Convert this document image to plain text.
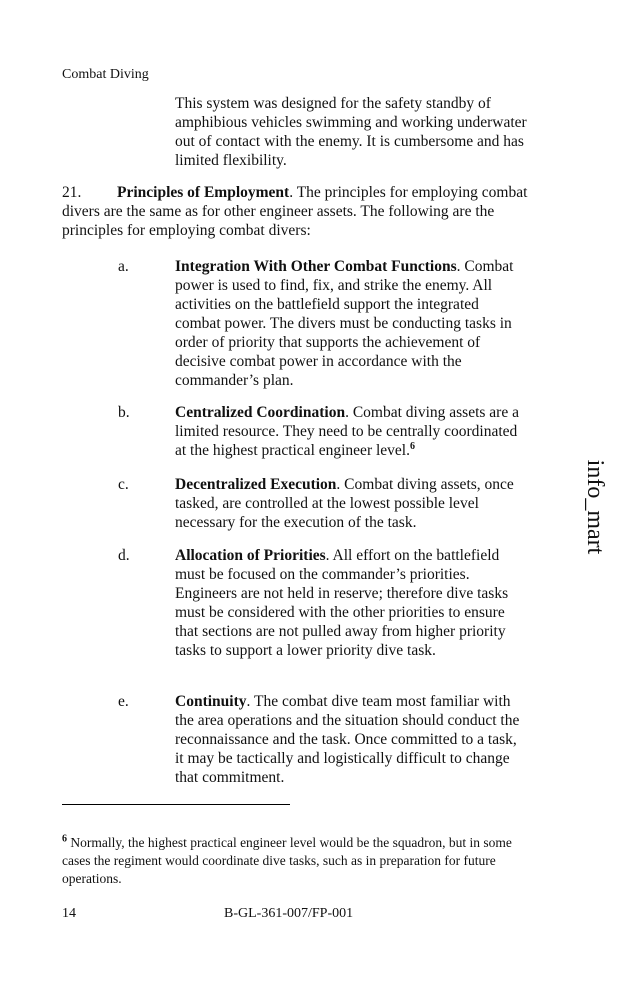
Combat Diving
This system was designed for the safety standby of amphibious vehicles swimming and working underwater out of contact with the enemy. It is cumbersome and has limited flexibility.
Principles of Employment. The principles for employing combat divers are the same as for other engineer assets. The following are the principles for employing combat divers:
21.
a.	Integration With Other Combat Functions. Combat power is used to find, fix, and strike the enemy. All activities on the battlefield support the integrated combat power. The divers must be conducting tasks in order of priority that supports the achievement of decisive combat power in accordance with the commander’s plan.
b.	Centralized Coordination. Combat diving assets are a limited resource. They need to be centrally coordinated at the highest practical engineer level.$^6$
c.	Decentralized Execution. Combat diving assets, once tasked, are controlled at the lowest possible level necessary for the execution of the task.
d.	Allocation of Priorities. All effort on the battlefield must be focused on the commander’s priorities. Engineers are not held in reserve; therefore dive tasks must be considered with the other priorities to ensure that sections are not pulled away from higher priority tasks to support a lower priority dive task.
e.	Continuity. The combat dive team most familiar with the area operations and the situation should conduct the reconnaissance and the task. Once committed to a task, it may be tactically and logistically difficult to change that commitment.
$^6$ Normally, the highest practical engineer level would be the squadron, but in some cases the regiment would coordinate dive tasks, such as in preparation for future operations.
14	B-GL-361-007/FP-001
info_mart
